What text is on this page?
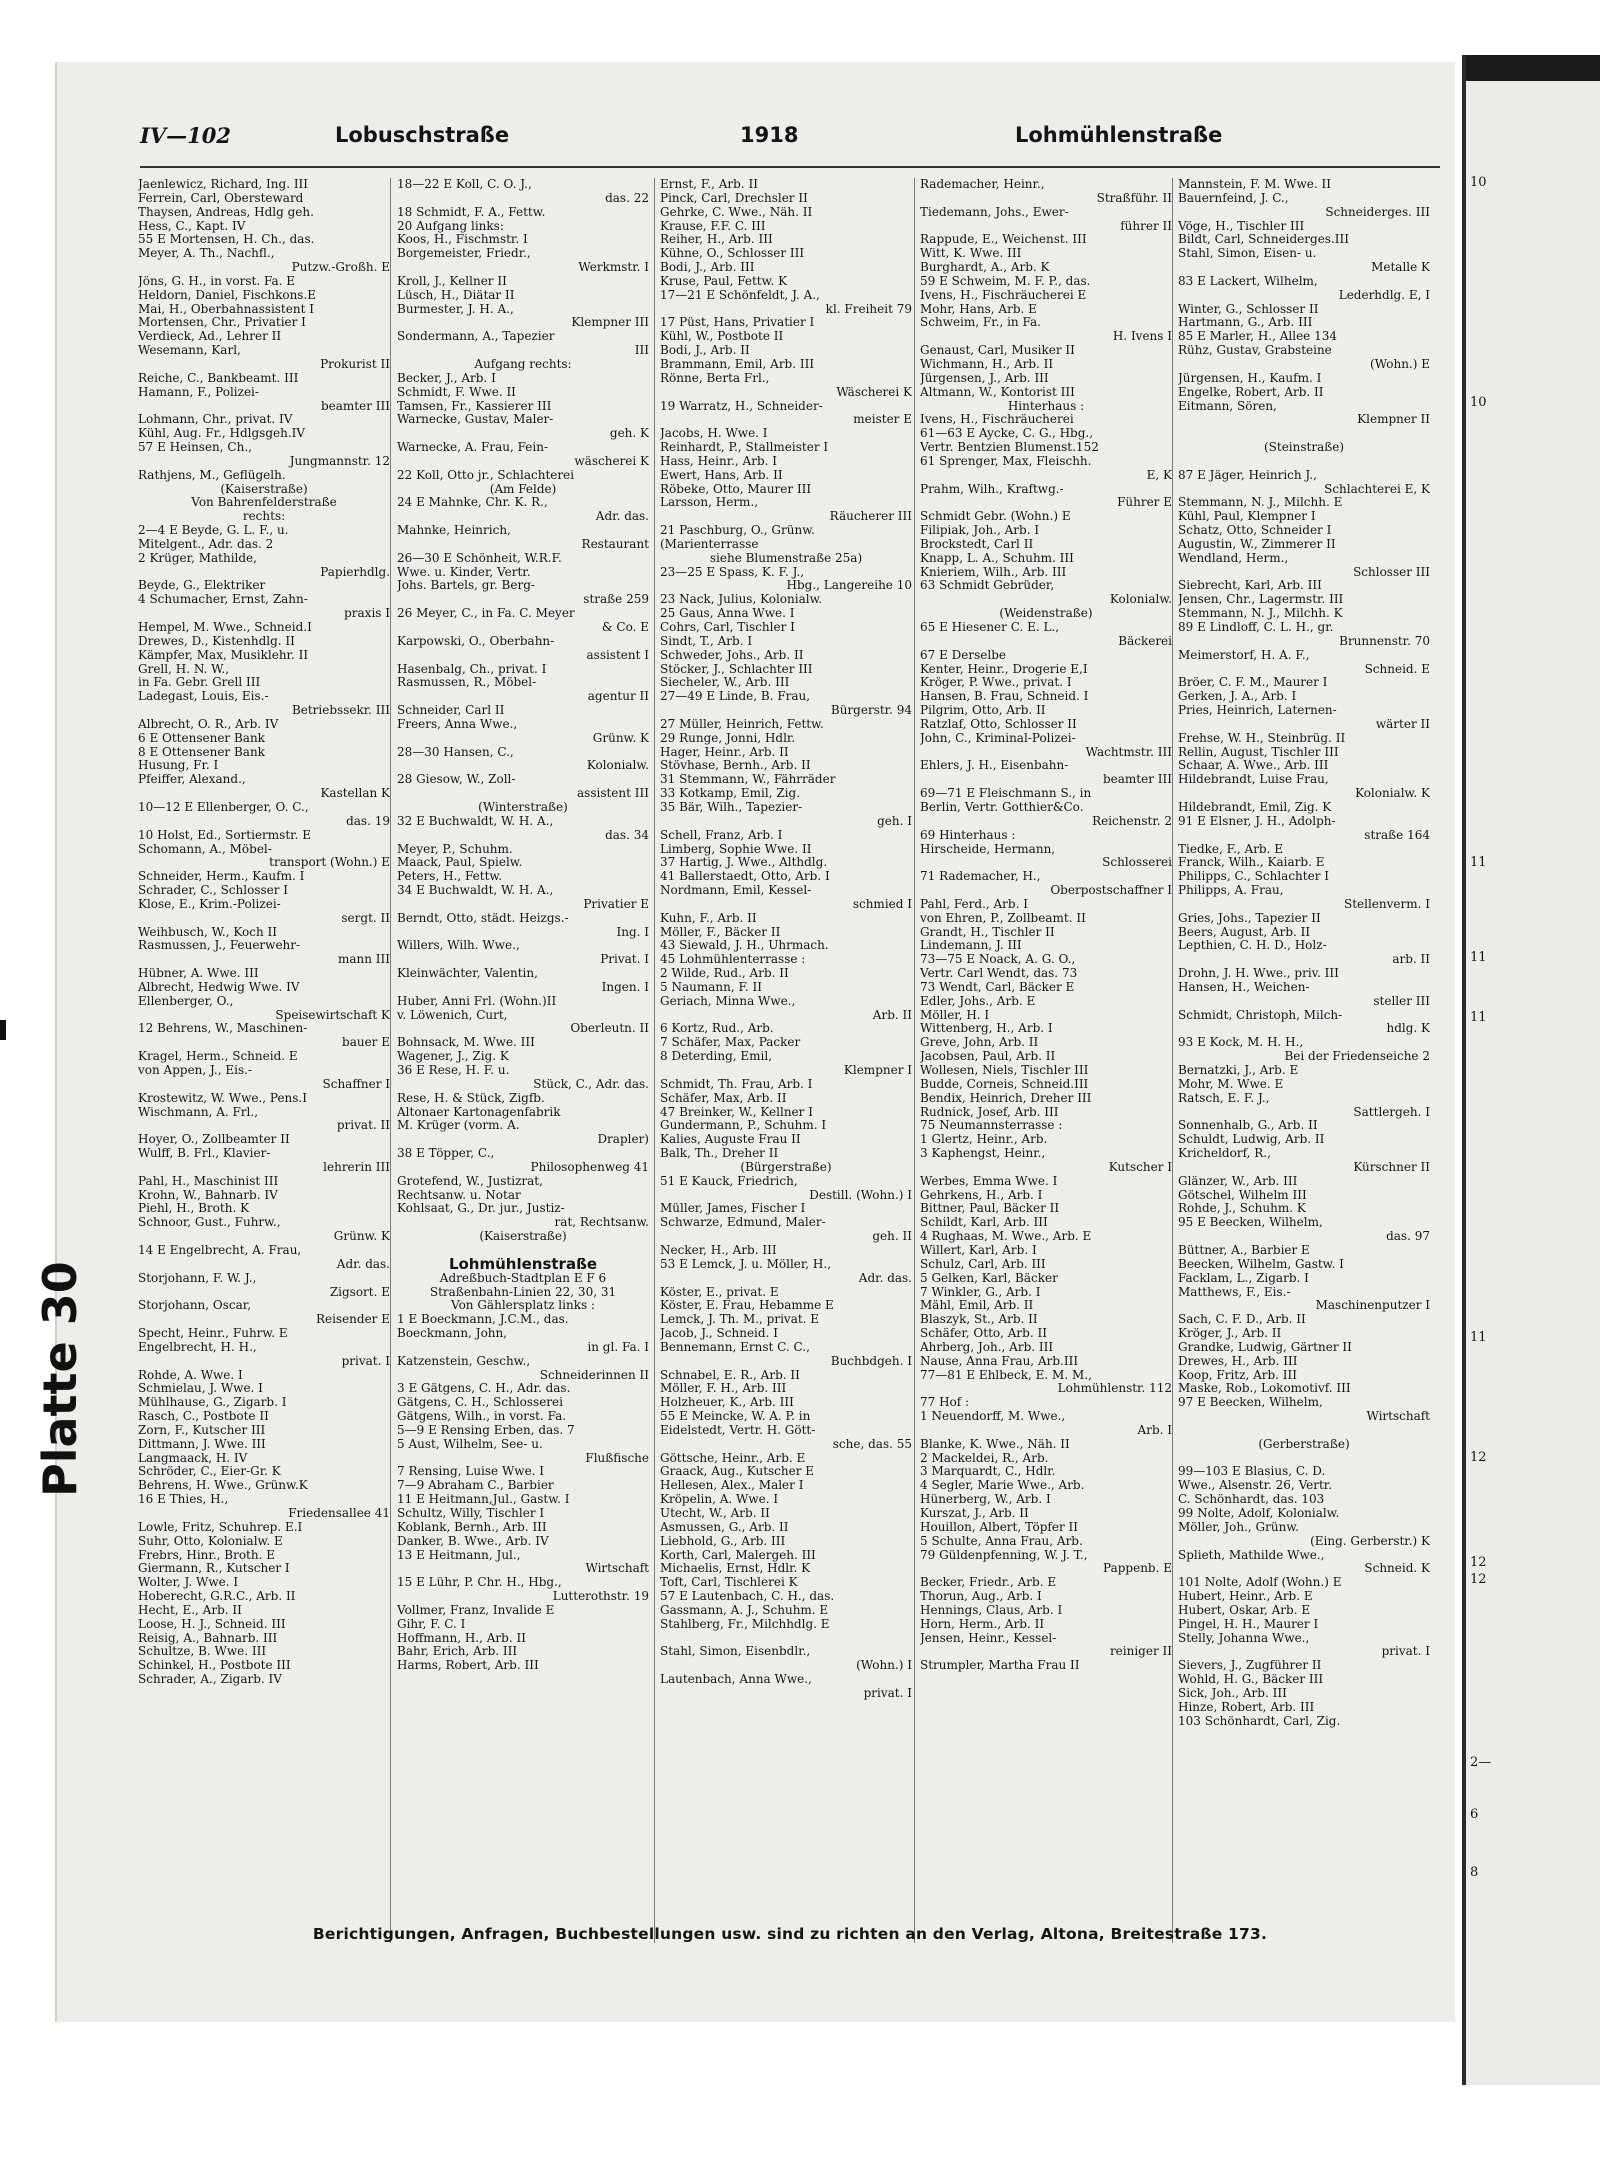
10
10
11
11
11
11
12
12
12
2—
6
8
Platte 30
IV—102	Lobuschstraße	1918	Lohmühlenstraße
Jaenlewicz, Richard, Ing. III
Ferrein, Carl, Obersteward
Thaysen, Andreas, Hdlg geh.
Hess, C., Kapt. IV
55 E Mortensen, H. Ch., das.
Meyer, A. Th., Nachfl.,
Putzw.-Großh. E
Jöns, G. H., in vorst. Fa. E
Heldorn, Daniel, Fischkons.E
Mai, H., Oberbahnassistent I
Mortensen, Chr., Privatier I
Verdieck, Ad., Lehrer II
Wesemann, Karl,
Prokurist II
Reiche, C., Bankbeamt. III
Hamann, F., Polizei-
beamter III
Lohmann, Chr., privat. IV
Kühl, Aug. Fr., Hdlgsgeh.IV
57 E Heinsen, Ch.,
Jungmannstr. 12
Rathjens, M., Geflügelh.
(Kaiserstraße)
Von Bahrenfelderstraße
rechts:
2—4 E Beyde, G. L. F., u.
Mitelgent., Adr. das. 2
2 Krüger, Mathilde,
Papierhdlg.
Beyde, G., Elektriker
4 Schumacher, Ernst, Zahn-
praxis I
Hempel, M. Wwe., Schneid.I
Drewes, D., Kistenhdlg. II
Kämpfer, Max, Musiklehr. II
Grell, H. N. W.,
in Fa. Gebr. Grell III
Ladegast, Louis, Eis.-
Betriebssekr. III
Albrecht, O. R., Arb. IV
6 E Ottensener Bank
8 E Ottensener Bank
Husung, Fr. I
Pfeiffer, Alexand.,
Kastellan K
10—12 E Ellenberger, O. C.,
das. 19
10 Holst, Ed., Sortiermstr. E
Schomann, A., Möbel-
transport (Wohn.) E
Schneider, Herm., Kaufm. I
Schrader, C., Schlosser I
Klose, E., Krim.-Polizei-
sergt. II
Weihbusch, W., Koch II
Rasmussen, J., Feuerwehr-
mann III
Hübner, A. Wwe. III
Albrecht, Hedwig Wwe. IV
Ellenberger, O.,
Speisewirtschaft K
12 Behrens, W., Maschinen-
bauer E
Kragel, Herm., Schneid. E
von Appen, J., Eis.-
Schaffner I
Krostewitz, W. Wwe., Pens.I
Wischmann, A. Frl.,
privat. II
Hoyer, O., Zollbeamter II
Wulff, B. Frl., Klavier-
lehrerin III
Pahl, H., Maschinist III
Krohn, W., Bahnarb. IV
Piehl, H., Broth. K
Schnoor, Gust., Fuhrw.,
Grünw. K
14 E Engelbrecht, A. Frau,
Adr. das.
Storjohann, F. W. J.,
Zigsort. E
Storjohann, Oscar,
Reisender E
Specht, Heinr., Fuhrw. E
Engelbrecht, H. H.,
privat. I
Rohde, A. Wwe. I
Schmielau, J. Wwe. I
Mühlhause, G., Zigarb. I
Rasch, C., Postbote II
Zorn, F., Kutscher III
Dittmann, J. Wwe. III
Langmaack, H. IV
Schröder, C., Eier-Gr. K
Behrens, H. Wwe., Grünw.K
16 E Thies, H.,
Friedensallee 41
Lowle, Fritz, Schuhrep. E.I
Suhr, Otto, Kolonialw. E
Frebrs, Hinr., Broth. E
Giermann, R., Kutscher I
Wolter, J. Wwe. I
Hoberecht, G.R.C., Arb. II
Hecht, E., Arb. II
Loose, H. J., Schneid. III
Reisig, A., Bahnarb. III
Schultze, B. Wwe. III
Schinkel, H., Postbote III
Schrader, A., Zigarb. IV
18—22 E Koll, C. O. J.,
das. 22
18 Schmidt, F. A., Fettw.
20 Aufgang links:
Koos, H., Fischmstr. I
Borgemeister, Friedr.,
Werkmstr. I
Kroll, J., Kellner II
Lüsch, H., Diätar II
Burmester, J. H. A.,
Klempner III
Sondermann, A., Tapezier
III
Aufgang rechts:
Becker, J., Arb. I
Schmidt, F. Wwe. II
Tamsen, Fr., Kassierer III
Warnecke, Gustav, Maler-
geh. K
Warnecke, A. Frau, Fein-
wäscherei K
22 Koll, Otto jr., Schlachterei
(Am Felde)
24 E Mahnke, Chr. K. R.,
Adr. das.
Mahnke, Heinrich,
Restaurant
26—30 E Schönheit, W.R.F.
Wwe. u. Kinder, Vertr.
Johs. Bartels, gr. Berg-
straße 259
26 Meyer, C., in Fa. C. Meyer
& Co. E
Karpowski, O., Oberbahn-
assistent I
Hasenbalg, Ch., privat. I
Rasmussen, R., Möbel-
agentur II
Schneider, Carl II
Freers, Anna Wwe.,
Grünw. K
28—30 Hansen, C.,
Kolonialw.
28 Giesow, W., Zoll-
assistent III
(Winterstraße)
32 E Buchwaldt, W. H. A.,
das. 34
Meyer, P., Schuhm.
Maack, Paul, Spielw.
Peters, H., Fettw.
34 E Buchwaldt, W. H. A.,
Privatier E
Berndt, Otto, städt. Heizgs.-
Ing. I
Willers, Wilh. Wwe.,
Privat. I
Kleinwächter, Valentin,
Ingen. I
Huber, Anni Frl. (Wohn.)II
v. Löwenich, Curt,
Oberleutn. II
Bohnsack, M. Wwe. III
Wagener, J., Zig. K
36 E Rese, H. F. u.
Stück, C., Adr. das.
Rese, H. & Stück, Zigfb.
Altonaer Kartonagenfabrik
M. Krüger (vorm. A.
Drapler)
38 E Töpper, C.,
Philosophenweg 41
Grotefend, W., Justizrat,
Rechtsanw. u. Notar
Kohlsaat, G., Dr. jur., Justiz-
rat, Rechtsanw.
(Kaiserstraße)

Lohmühlenstraße
Adreßbuch-Stadtplan E F 6
Straßenbahn-Linien 22, 30, 31
Von Gählersplatz links :
1 E Boeckmann, J.C.M., das.
Boeckmann, John,
in gl. Fa. I
Katzenstein, Geschw.,
Schneiderinnen II
3 E Gätgens, C. H., Adr. das.
Gätgens, C. H., Schlosserei
Gätgens, Wilh., in vorst. Fa.
5—9 E Rensing Erben, das. 7
5 Aust, Wilhelm, See- u.
Flußfische
7 Rensing, Luise Wwe. I
7—9 Abraham C., Barbier
11 E Heitmann,Jul., Gastw. I
Schultz, Willy, Tischler I
Koblank, Bernh., Arb. III
Danker, B. Wwe., Arb. IV
13 E Heitmann, Jul.,
Wirtschaft
15 E Lühr, P. Chr. H., Hbg.,
Lutterothstr. 19
Vollmer, Franz, Invalide E
Gihr, F. C. I
Hoffmann, H., Arb. II
Bahr, Erich, Arb. III
Harms, Robert, Arb. III
Ernst, F., Arb. II
Pinck, Carl, Drechsler II
Gehrke, C. Wwe., Näh. II
Krause, F.F. C. III
Reiher, H., Arb. III
Kühne, O., Schlosser III
Bodi, J., Arb. III
Kruse, Paul, Fettw. K
17—21 E Schönfeldt, J. A.,
kl. Freiheit 79
17 Püst, Hans, Privatier I
Kühl, W., Postbote II
Bodi, J., Arb. II
Brammann, Emil, Arb. III
Rönne, Berta Frl.,
Wäscherei K
19 Warratz, H., Schneider-
meister E
Jacobs, H. Wwe. I
Reinhardt, P., Stallmeister I
Hass, Heinr., Arb. I
Ewert, Hans, Arb. II
Röbeke, Otto, Maurer III
Larsson, Herm.,
Räucherer III
21 Paschburg, O., Grünw.
(Marienterrasse
siehe Blumenstraße 25a)
23—25 E Spass, K. F. J.,
Hbg., Langereihe 10
23 Nack, Julius, Kolonialw.
25 Gaus, Anna Wwe. I
Cohrs, Carl, Tischler I
Sindt, T., Arb. I
Schweder, Johs., Arb. II
Stöcker, J., Schlachter III
Siecheler, W., Arb. III
27—49 E Linde, B. Frau,
Bürgerstr. 94
27 Müller, Heinrich, Fettw.
29 Runge, Jonni, Hdlr.
Hager, Heinr., Arb. II
Stövhase, Bernh., Arb. II
31 Stemmann, W., Fährräder
33 Kotkamp, Emil, Zig.
35 Bär, Wilh., Tapezier-
geh. I
Schell, Franz, Arb. I
Limberg, Sophie Wwe. II
37 Hartig, J. Wwe., Althdlg.
41 Ballerstaedt, Otto, Arb. I
Nordmann, Emil, Kessel-
schmied I
Kuhn, F., Arb. II
Möller, F., Bäcker II
43 Siewald, J. H., Uhrmach.
45 Lohmühlenterrasse :
2 Wilde, Rud., Arb. II
5 Naumann, F. II
Geriach, Minna Wwe.,
Arb. II
6 Kortz, Rud., Arb.
7 Schäfer, Max, Packer
8 Deterding, Emil,
Klempner I
Schmidt, Th. Frau, Arb. I
Schäfer, Max, Arb. II
47 Breinker, W., Kellner I
Gundermann, P., Schuhm. I
Kalies, Auguste Frau II
Balk, Th., Dreher II
(Bürgerstraße)
51 E Kauck, Friedrich,
Destill. (Wohn.) I
Müller, James, Fischer I
Schwarze, Edmund, Maler-
geh. II
Necker, H., Arb. III
53 E Lemck, J. u. Möller, H.,
Adr. das.
Köster, E., privat. E
Köster, E. Frau, Hebamme E
Lemck, J. Th. M., privat. E
Jacob, J., Schneid. I
Bennemann, Ernst C. C.,
Buchbdgeh. I
Schnabel, E. R., Arb. II
Möller, F. H., Arb. III
Holzheuer, K., Arb. III
55 E Meincke, W. A. P. in
Eidelstedt, Vertr. H. Gött-
sche, das. 55
Göttsche, Heinr., Arb. E
Graack, Aug., Kutscher E
Hellesen, Alex., Maler I
Kröpelin, A. Wwe. I
Utecht, W., Arb. II
Asmussen, G., Arb. II
Liebhold, G., Arb. III
Korth, Carl, Malergeh. III
Michaelis, Ernst, Hdlr. K
Toft, Carl, Tischlerei K
57 E Lautenbach, C. H., das.
Gassmann, A. J., Schuhm. E
Stahlberg, Fr., Milchhdlg. E

Stahl, Simon, Eisenbdlr.,
(Wohn.) I
Lautenbach, Anna Wwe.,
privat. I
Rademacher, Heinr.,
Straßführ. II
Tiedemann, Johs., Ewer-
führer II
Rappude, E., Weichenst. III
Witt, K. Wwe. III
Burghardt, A., Arb. K
59 E Schweim, M. F. P., das.
Ivens, H., Fischräucherei E
Mohr, Hans, Arb. E
Schweim, Fr., in Fa.
H. Ivens I
Genaust, Carl, Musiker II
Wichmann, H., Arb. II
Jürgensen, J., Arb. III
Altmann, W., Kontorist III
Hinterhaus :
Ivens, H., Fischräucherei
61—63 E Aycke, C. G., Hbg.,
Vertr. Bentzien Blumenst.152
61 Sprenger, Max, Fleischh.
E, K
Prahm, Wilh., Kraftwg.-
Führer E
Schmidt Gebr. (Wohn.) E
Filipiak, Joh., Arb. I
Brockstedt, Carl II
Knapp, L. A., Schuhm. III
Knieriem, Wilh., Arb. III
63 Schmidt Gebrüder,
Kolonialw.
(Weidenstraße)
65 E Hiesener C. E. L.,
Bäckerei
67 E Derselbe
Kenter, Heinr., Drogerie E,I
Kröger, P. Wwe., privat. I
Hansen, B. Frau, Schneid. I
Pilgrim, Otto, Arb. II
Ratzlaf, Otto, Schlosser II
John, C., Kriminal-Polizei-
Wachtmstr. III
Ehlers, J. H., Eisenbahn-
beamter III
69—71 E Fleischmann S., in
Berlin, Vertr. Gotthier&Co.
Reichenstr. 2
69 Hinterhaus :
Hirscheide, Hermann,
Schlosserei
71 Rademacher, H.,
Oberpostschaffner I
Pahl, Ferd., Arb. I
von Ehren, P., Zollbeamt. II
Grandt, H., Tischler II
Lindemann, J. III
73—75 E Noack, A. G. O.,
Vertr. Carl Wendt, das. 73
73 Wendt, Carl, Bäcker E
Edler, Johs., Arb. E
Möller, H. I
Wittenberg, H., Arb. I
Greve, John, Arb. II
Jacobsen, Paul, Arb. II
Wollesen, Niels, Tischler III
Budde, Corneis, Schneid.III
Bendix, Heinrich, Dreher III
Rudnick, Josef, Arb. III
75 Neumannsterrasse :
1 Glertz, Heinr., Arb.
3 Kaphengst, Heinr.,
Kutscher I
Werbes, Emma Wwe. I
Gehrkens, H., Arb. I
Bittner, Paul, Bäcker II
Schildt, Karl, Arb. III
4 Rughaas, M. Wwe., Arb. E
Willert, Karl, Arb. I
Schulz, Carl, Arb. III
5 Gelken, Karl, Bäcker
7 Winkler, G., Arb. I
Mähl, Emil, Arb. II
Blaszyk, St., Arb. II
Schäfer, Otto, Arb. II
Ahrberg, Joh., Arb. III
Nause, Anna Frau, Arb.III
77—81 E Ehlbeck, E. M. M.,
Lohmühlenstr. 112
77 Hof :
1 Neuendorff, M. Wwe.,
Arb. I
Blanke, K. Wwe., Näh. II
2 Mackeldei, R., Arb.
3 Marquardt, C., Hdlr.
4 Segler, Marie Wwe., Arb.
Hünerberg, W., Arb. I
Kurszat, J., Arb. II
Houillon, Albert, Töpfer II
5 Schulte, Anna Frau, Arb.
79 Güldenpfenning, W. J. T.,
Pappenb. E
Becker, Friedr., Arb. E
Thorun, Aug., Arb. I
Hennings, Claus, Arb. I
Horn, Herm., Arb. II
Jensen, Heinr., Kessel-
reiniger II
Strumpler, Martha Frau II
Mannstein, F. M. Wwe. II
Bauernfeind, J. C.,
Schneiderges. III
Vöge, H., Tischler III
Bildt, Carl, Schneiderges.III
Stahl, Simon, Eisen- u.
Metalle K
83 E Lackert, Wilhelm,
Lederhdlg. E, I
Winter, G., Schlosser II
Hartmann, G., Arb. III
85 E Marler, H., Allee 134
Rühz, Gustav, Grabsteine
(Wohn.) E
Jürgensen, H., Kaufm. I
Engelke, Robert, Arb. II
Eitmann, Sören,
Klempner II

(Steinstraße)

87 E Jäger, Heinrich J.,
Schlachterei E, K
Stemmann, N. J., Milchh. E
Kühl, Paul, Klempner I
Schatz, Otto, Schneider I
Augustin, W., Zimmerer II
Wendland, Herm.,
Schlosser III
Siebrecht, Karl, Arb. III
Jensen, Chr., Lagermstr. III
Stemmann, N. J., Milchh. K
89 E Lindloff, C. L. H., gr.
Brunnenstr. 70
Meimerstorf, H. A. F.,
Schneid. E
Bröer, C. F. M., Maurer I
Gerken, J. A., Arb. I
Pries, Heinrich, Laternen-
wärter II
Frehse, W. H., Steinbrüg. II
Rellin, August, Tischler III
Schaar, A. Wwe., Arb. III
Hildebrandt, Luise Frau,
Kolonialw. K
Hildebrandt, Emil, Zig. K
91 E Elsner, J. H., Adolph-
straße 164
Tiedke, F., Arb. E
Franck, Wilh., Kaiarb. E
Philipps, C., Schlachter I
Philipps, A. Frau,
Stellenverm. I
Gries, Johs., Tapezier II
Beers, August, Arb. II
Lepthien, C. H. D., Holz-
arb. II
Drohn, J. H. Wwe., priv. III
Hansen, H., Weichen-
steller III
Schmidt, Christoph, Milch-
hdlg. K
93 E Kock, M. H. H.,
Bei der Friedenseiche 2
Bernatzki, J., Arb. E
Mohr, M. Wwe. E
Ratsch, E. F. J.,
Sattlergeh. I
Sonnenhalb, G., Arb. II
Schuldt, Ludwig, Arb. II
Kricheldorf, R.,
Kürschner II
Glänzer, W., Arb. III
Götschel, Wilhelm III
Rohde, J., Schuhm. K
95 E Beecken, Wilhelm,
das. 97
Büttner, A., Barbier E
Beecken, Wilhelm, Gastw. I
Facklam, L., Zigarb. I
Matthews, F., Eis.-
Maschinenputzer I
Sach, C. F. D., Arb. II
Kröger, J., Arb. II
Grandke, Ludwig, Gärtner II
Drewes, H., Arb. III
Koop, Fritz, Arb. III
Maske, Rob., Lokomotivf. III
97 E Beecken, Wilhelm,
Wirtschaft

(Gerberstraße)

99—103 E Blasius, C. D.
Wwe., Alsenstr. 26, Vertr.
C. Schönhardt, das. 103
99 Nolte, Adolf, Kolonialw.
Möller, Joh., Grünw.
(Eing. Gerberstr.) K
Splieth, Mathilde Wwe.,
Schneid. K
101 Nolte, Adolf (Wohn.) E
Hubert, Heinr., Arb. E
Hubert, Oskar, Arb. E
Pingel, H. H., Maurer I
Stelly, Johanna Wwe.,
privat. I
Sievers, J., Zugführer II
Wohld, H. G., Bäcker III
Sick, Joh., Arb. III
Hinze, Robert, Arb. III
103 Schönhardt, Carl, Zig.
Berichtigungen, Anfragen, Buchbestellungen usw. sind zu richten an den Verlag, Altona, Breitestraße 173.
